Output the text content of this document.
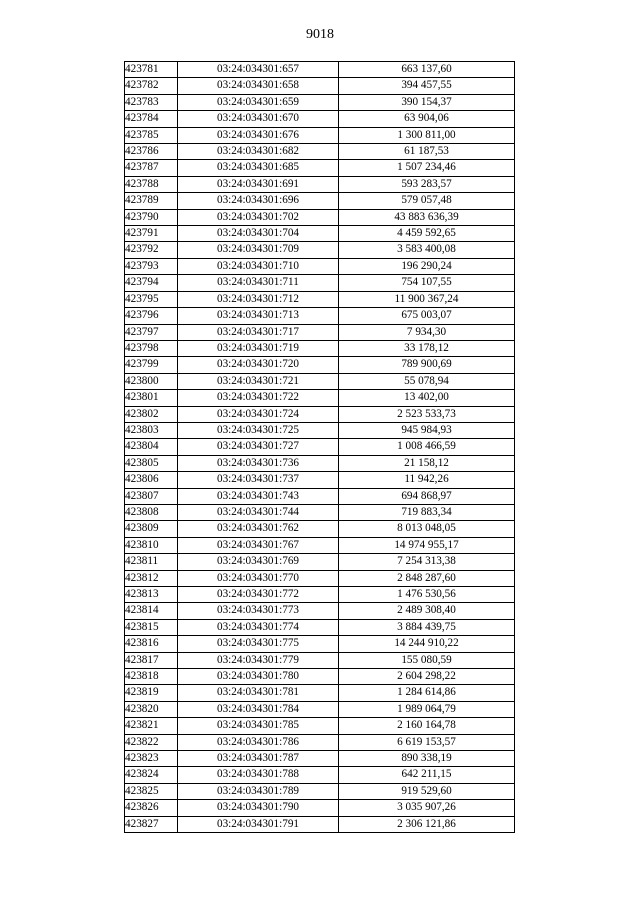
9018
423781	03:24:034301:657	663 137,60
423782	03:24:034301:658	394 457,55
423783	03:24:034301:659	390 154,37
423784	03:24:034301:670	63 904,06
423785	03:24:034301:676	1 300 811,00
423786	03:24:034301:682	61 187,53
423787	03:24:034301:685	1 507 234,46
423788	03:24:034301:691	593 283,57
423789	03:24:034301:696	579 057,48
423790	03:24:034301:702	43 883 636,39
423791	03:24:034301:704	4 459 592,65
423792	03:24:034301:709	3 583 400,08
423793	03:24:034301:710	196 290,24
423794	03:24:034301:711	754 107,55
423795	03:24:034301:712	11 900 367,24
423796	03:24:034301:713	675 003,07
423797	03:24:034301:717	7 934,30
423798	03:24:034301:719	33 178,12
423799	03:24:034301:720	789 900,69
423800	03:24:034301:721	55 078,94
423801	03:24:034301:722	13 402,00
423802	03:24:034301:724	2 523 533,73
423803	03:24:034301:725	945 984,93
423804	03:24:034301:727	1 008 466,59
423805	03:24:034301:736	21 158,12
423806	03:24:034301:737	11 942,26
423807	03:24:034301:743	694 868,97
423808	03:24:034301:744	719 883,34
423809	03:24:034301:762	8 013 048,05
423810	03:24:034301:767	14 974 955,17
423811	03:24:034301:769	7 254 313,38
423812	03:24:034301:770	2 848 287,60
423813	03:24:034301:772	1 476 530,56
423814	03:24:034301:773	2 489 308,40
423815	03:24:034301:774	3 884 439,75
423816	03:24:034301:775	14 244 910,22
423817	03:24:034301:779	155 080,59
423818	03:24:034301:780	2 604 298,22
423819	03:24:034301:781	1 284 614,86
423820	03:24:034301:784	1 989 064,79
423821	03:24:034301:785	2 160 164,78
423822	03:24:034301:786	6 619 153,57
423823	03:24:034301:787	890 338,19
423824	03:24:034301:788	642 211,15
423825	03:24:034301:789	919 529,60
423826	03:24:034301:790	3 035 907,26
423827	03:24:034301:791	2 306 121,86
